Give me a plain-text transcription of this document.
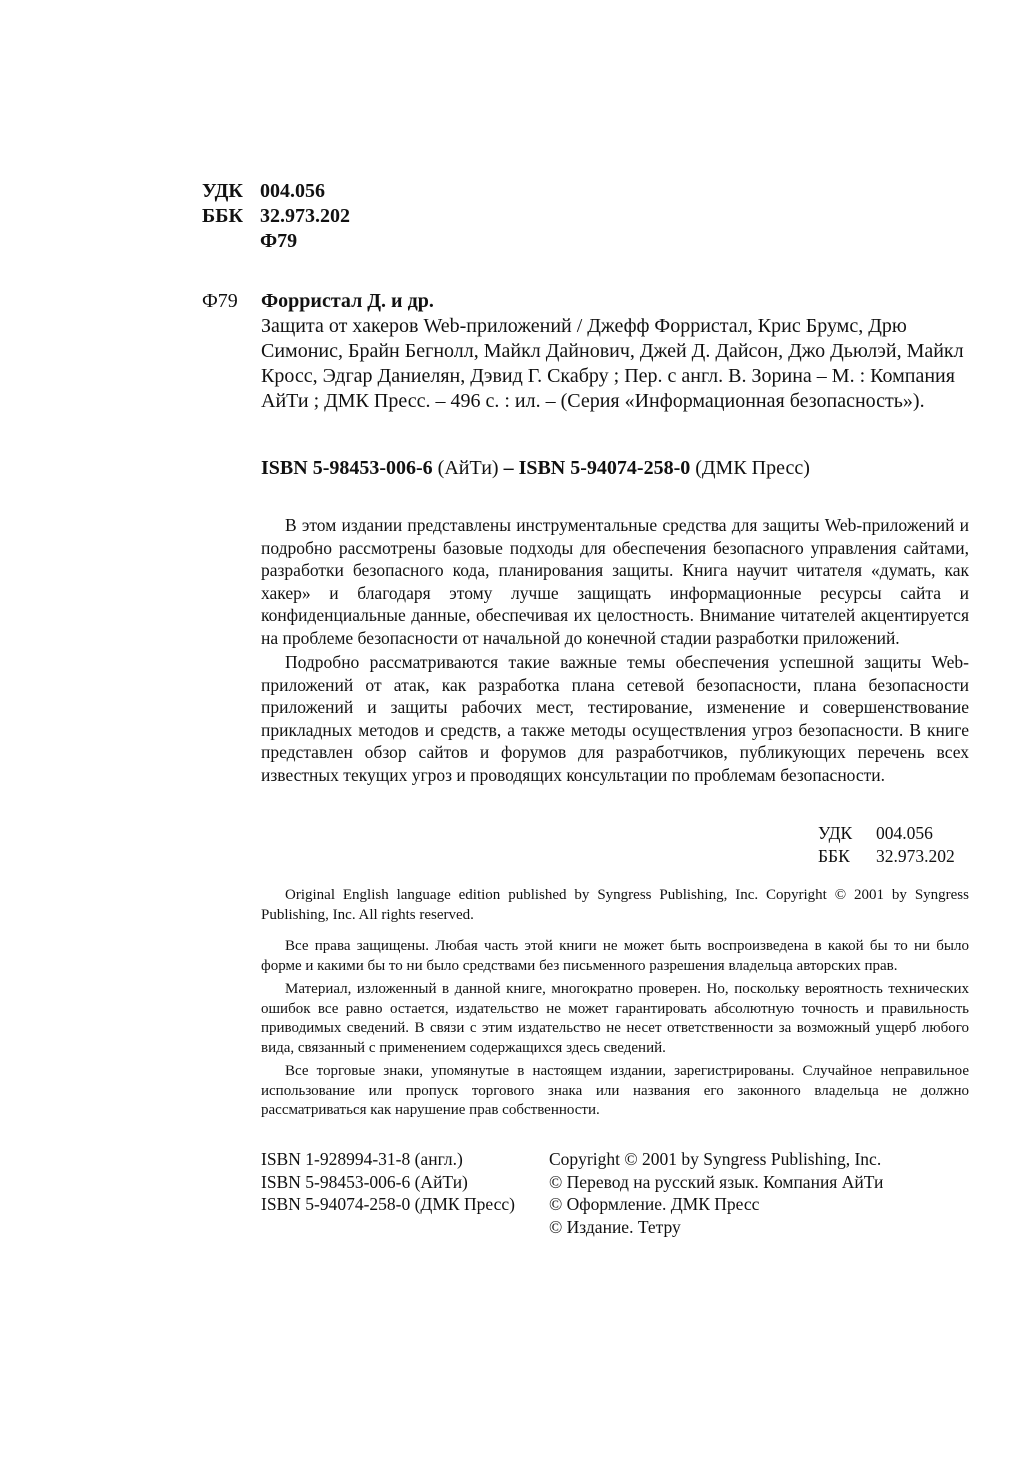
УДК 004.056
ББК 32.973.202
Ф79
Ф79 Форристал Д. и др.
Защита от хакеров Web-приложений / Джефф Форристал, Крис Брумс, Дрю Симонис, Брайн Бегнолл, Майкл Дайнович, Джей Д. Дайсон, Джо Дьюлэй, Майкл Кросс, Эдгар Даниелян, Дэвид Г. Скабру ; Пер. с англ. В. Зорина – М. : Компания АйТи ; ДМК Пресс. – 496 с. : ил. – (Серия «Информационная безопасность»).
ISBN 5-98453-006-6 (АйТи) – ISBN 5-94074-258-0 (ДМК Пресс)

В этом издании представлены инструментальные средства для защиты Web-приложений и подробно рассмотрены базовые подходы для обеспечения безопасного управления сайтами, разработки безопасного кода, планирования защиты. Книга научит читателя «думать, как хакер» и благодаря этому лучше защищать информационные ресурсы сайта и конфиденциальные данные, обеспечивая их целостность. Внимание читателей акцентируется на проблеме безопасности от начальной до конечной стадии разработки приложений.

Подробно рассматриваются такие важные темы обеспечения успешной защиты Web-приложений от атак, как разработка плана сетевой безопасности, плана безопасности приложений и защиты рабочих мест, тестирование, изменение и совершенствование прикладных методов и средств, а также методы осуществления угроз безопасности. В книге представлен обзор сайтов и форумов для разработчиков, публикующих перечень всех известных текущих угроз и проводящих консультации по проблемам безопасности.

УДК	004.056
ББК	32.973.202

Original English language edition published by Syngress Publishing, Inc. Copyright © 2001 by Syngress Publishing, Inc. All rights reserved.

Все права защищены. Любая часть этой книги не может быть воспроизведена в какой бы то ни было форме и какими бы то ни было средствами без письменного разрешения владельца авторских прав.

Материал, изложенный в данной книге, многократно проверен. Но, поскольку вероятность технических ошибок все равно остается, издательство не может гарантировать абсолютную точность и правильность приводимых сведений. В связи с этим издательство не несет ответственности за возможный ущерб любого вида, связанный с применением содержащихся здесь сведений.

Все торговые знаки, упомянутые в настоящем издании, зарегистрированы. Случайное неправильное использование или пропуск торгового знака или названия его законного владельца не должно рассматриваться как нарушение прав собственности.

ISBN 1-928994-31-8 (англ.)
ISBN 5-98453-006-6 (АйТи)
ISBN 5-94074-258-0 (ДМК Пресс)
Copyright © 2001 by Syngress Publishing, Inc.
© Перевод на русский язык. Компания АйТи
© Оформление. ДМК Пресс
© Издание. Тетру
